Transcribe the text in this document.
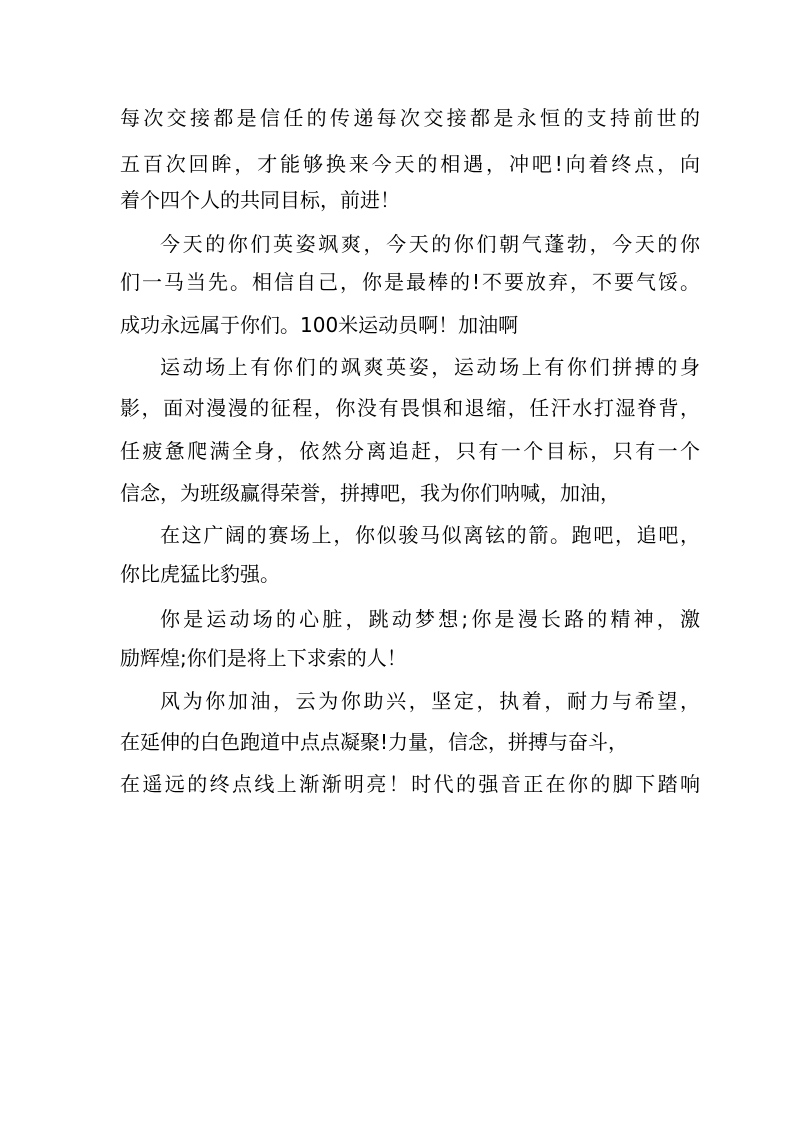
每次交接都是信任的传递每次交接都是永恒的支持前世的
五百次回眸，才能够换来今天的相遇，冲吧!向着终点，向
着个四个人的共同目标，前进！
今天的你们英姿飒爽，今天的你们朝气蓬勃，今天的你
们一马当先。相信自己，你是最棒的!不要放弃，不要气馁。
成功永远属于你们。100米运动员啊！加油啊
运动场上有你们的飒爽英姿，运动场上有你们拼搏的身
影，面对漫漫的征程，你没有畏惧和退缩，任汗水打湿脊背，
任疲惫爬满全身，依然分离追赶，只有一个目标，只有一个
信念，为班级赢得荣誉，拼搏吧，我为你们呐喊，加油，
在这广阔的赛场上，你似骏马似离铉的箭。跑吧，追吧，
你比虎猛比豹强。
你是运动场的心脏，跳动梦想;你是漫长路的精神，激
励辉煌;你们是将上下求索的人！
风为你加油，云为你助兴，坚定，执着，耐力与希望，
在延伸的白色跑道中点点凝聚!力量，信念，拼搏与奋斗，
在遥远的终点线上渐渐明亮！时代的强音正在你的脚下踏响
